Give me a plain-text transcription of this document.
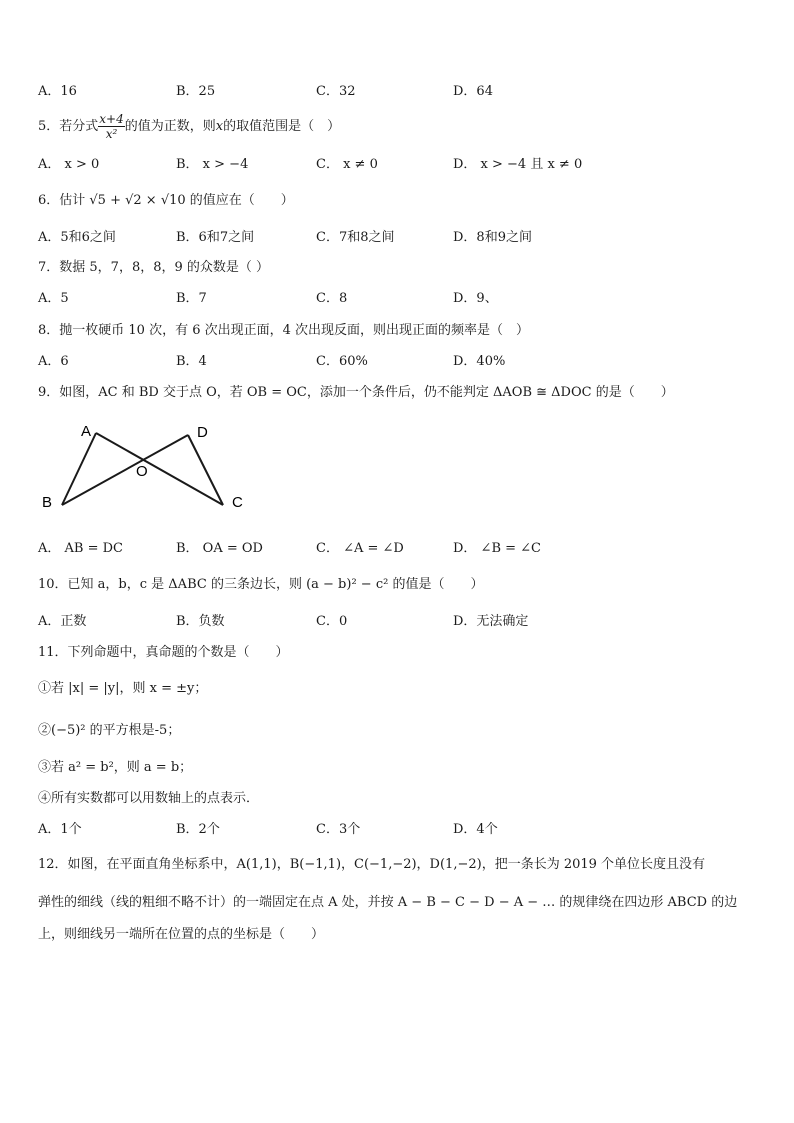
A．16	B．25	C．32	D．64
5．若分式 $\frac{x+4}{\text{x²}}$ 的值为正数，则x的取值范围是（　）
A． x > 0	B． x > −4	C． x ≠ 0	D． x > −4 且 x ≠ 0
6．估计 √5 + √2 × √10 的值应在（　　）
A．5和6之间	B．6和7之间	C．7和8之间	D．8和9之间
7．数据 5，7，8，8，9 的众数是（ ）
A．5	B．7	C．8	D．9、
8．抛一枚硬币 10 次，有 6 次出现正面，4 次出现反面，则出现正面的频率是（　）
A．6	B．4	C．60%	D．40%
9．如图，AC 和 BD 交于点 O，若 OB = OC，添加一个条件后，仍不能判定 ΔAOB ≅ ΔDOC 的是（　　）
A	D
O
B	C
A． AB = DC	B． OA = OD	C． ∠A = ∠D	D． ∠B = ∠C
10．已知 a，b，c 是 ΔABC 的三条边长，则 (a − b)² − c² 的值是（　　）
A．正数	B．负数	C．0	D．无法确定
11．下列命题中，真命题的个数是（　　）
①若 |x| = |y|，则 x = ±y；
②(−5)² 的平方根是-5；
③若 a² = b²，则 a = b；
④所有实数都可以用数轴上的点表示．
A．1个	B．2个	C．3个	D．4个
12．如图，在平面直角坐标系中，A(1,1)，B(−1,1)，C(−1,−2)，D(1,−2)，把一条长为 2019 个单位长度且没有
弹性的细线（线的粗细不略不计）的一端固定在点 A 处，并按 A − B − C − D − A − … 的规律绕在四边形 ABCD 的边
上，则细线另一端所在位置的点的坐标是（　　）
